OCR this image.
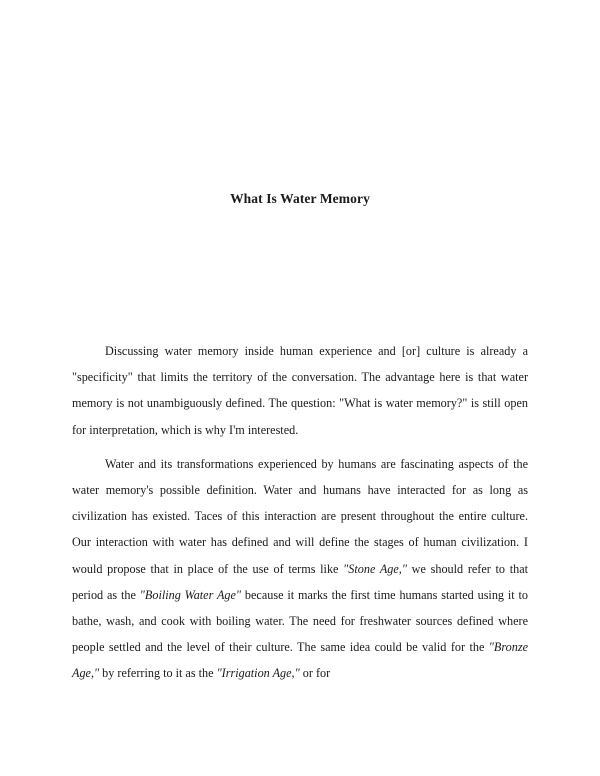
What Is Water Memory

Discussing water memory inside human experience and [or] culture is already a "specificity" that limits the territory of the conversation. The advantage here is that water memory is not unambiguously defined. The question: "What is water memory?" is still open for interpretation, which is why I'm interested.

Water and its transformations experienced by humans are fascinating aspects of the water memory's possible definition. Water and humans have interacted for as long as civilization has existed. Taces of this interaction are present throughout the entire culture. Our interaction with water has defined and will define the stages of human civilization. I would propose that in place of the use of terms like "Stone Age," we should refer to that period as the "Boiling Water Age" because it marks the first time humans started using it to bathe, wash, and cook with boiling water. The need for freshwater sources defined where people settled and the level of their culture. The same idea could be valid for the "Bronze Age," by referring to it as the "Irrigation Age," or for
